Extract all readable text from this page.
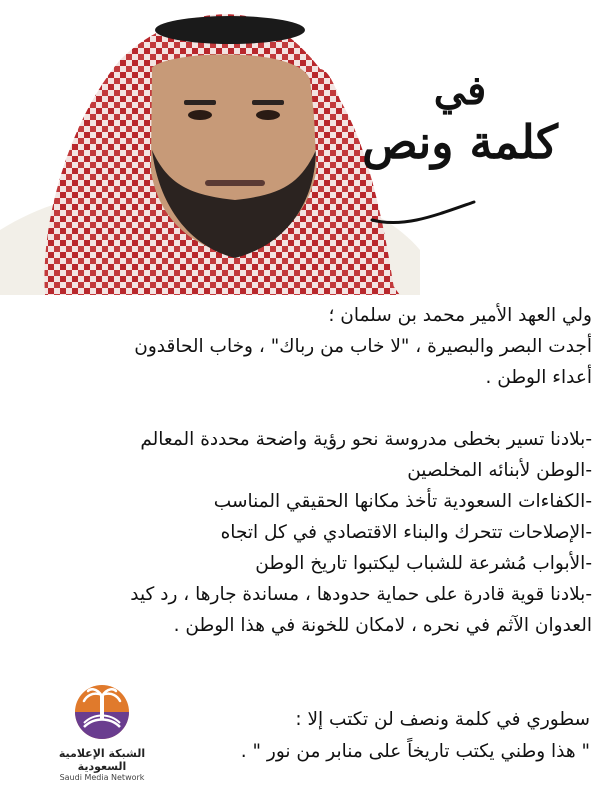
في
كلمة ونص

ولي العهد الأمير محمد بن سلمان ؛

أجدت البصر والبصيرة ، "لا خاب من رباك" ، وخاب الحاقدون

أعداء الوطن .

-بلادنا تسير بخطى مدروسة نحو رؤية واضحة محددة المعالم

-الوطن لأبنائه المخلصين

-الكفاءات السعودية تأخذ مكانها الحقيقي المناسب

-الإصلاحات تتحرك والبناء الاقتصادي في كل اتجاه

-الأبواب مُشرعة للشباب ليكتبوا تاريخ الوطن

-بلادنا قوية قادرة على حماية حدودها ، مساندة جارها ، رد كيد

العدوان الآثم في نحره ، لامكان للخونة في هذا الوطن .

الشبكة الإعلامية السعودية
Saudi Media Network

سطوري في كلمة ونصف لن تكتب إلا :

" هذا وطني يكتب تاريخاً على منابر من نور " .
